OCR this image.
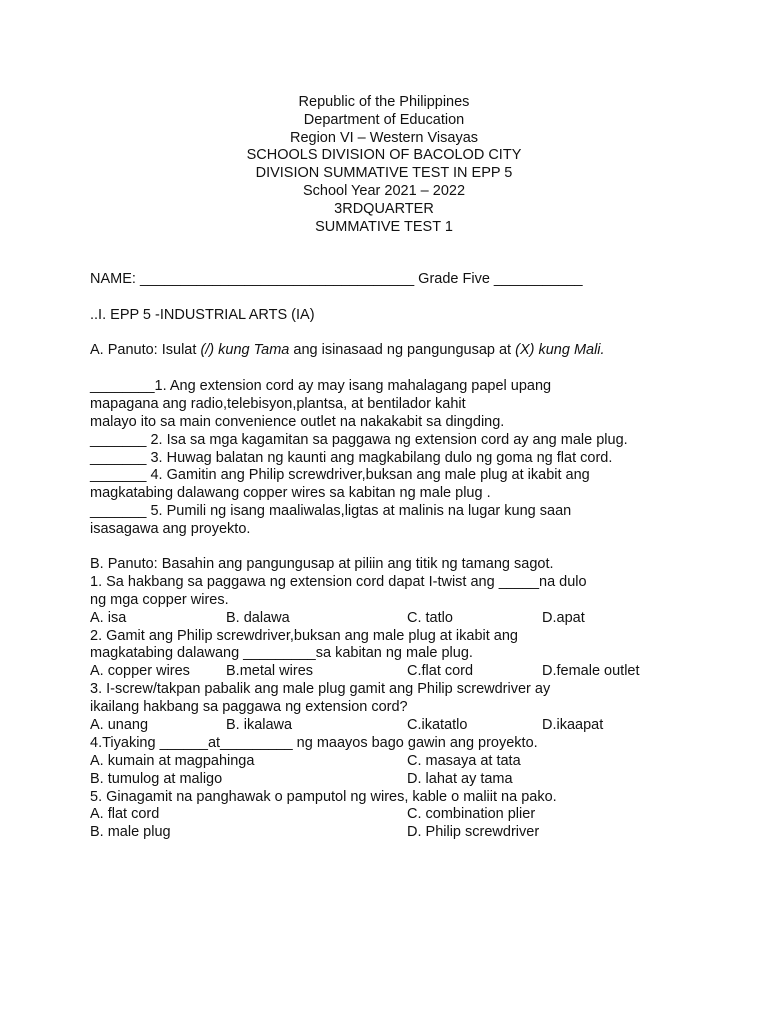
Republic of the Philippines
Department of Education
Region VI – Western Visayas
SCHOOLS DIVISION OF BACOLOD CITY
DIVISION SUMMATIVE TEST IN EPP 5
School Year 2021 – 2022
3RDQUARTER
SUMMATIVE TEST 1
NAME: __________________________________ Grade Five ___________
..I. EPP 5 -INDUSTRIAL ARTS (IA)
A. Panuto: Isulat (/) kung Tama ang isinasaad ng pangungusap at (X) kung Mali.
________1. Ang extension cord ay may isang mahalagang papel upang
mapagana ang radio,telebisyon,plantsa, at bentilador kahit
malayo ito sa main convenience outlet na nakakabit sa dingding.
_______ 2. Isa sa mga kagamitan sa paggawa ng extension cord ay ang male plug.
_______ 3. Huwag balatan ng kaunti ang magkabilang dulo ng goma ng flat cord.
_______ 4. Gamitin ang Philip screwdriver,buksan ang male plug at ikabit ang
magkatabing dalawang copper wires sa kabitan ng male plug .
_______ 5. Pumili ng isang maaliwalas,ligtas at malinis na lugar kung saan
isasagawa ang proyekto.
B. Panuto: Basahin ang pangungusap at piliin ang titik ng tamang sagot.
1. Sa hakbang sa paggawa ng extension cord dapat I-twist ang _____na dulo
ng mga copper wires.
A. isa	B. dalawa	C. tatlo	D.apat
2. Gamit ang Philip screwdriver,buksan ang male plug at ikabit ang
magkatabing dalawang _________sa kabitan ng male plug.
A. copper wires B.metal wires	C.flat cord	D.female outlet
3. I-screw/takpan pabalik ang male plug gamit ang Philip screwdriver ay
ikailang hakbang sa paggawa ng extension cord?
A. unang	B. ikalawa	C.ikatatlo	D.ikaapat
4.Tiyaking ______at_________ ng maayos bago gawin ang proyekto.
A. kumain at magpahinga	C. masaya at tata
B. tumulog at maligo	D. lahat ay tama
5. Ginagamit na panghawak o pamputol ng wires, kable o maliit na pako.
A. flat cord	C. combination plier
B. male plug	D. Philip screwdriver
